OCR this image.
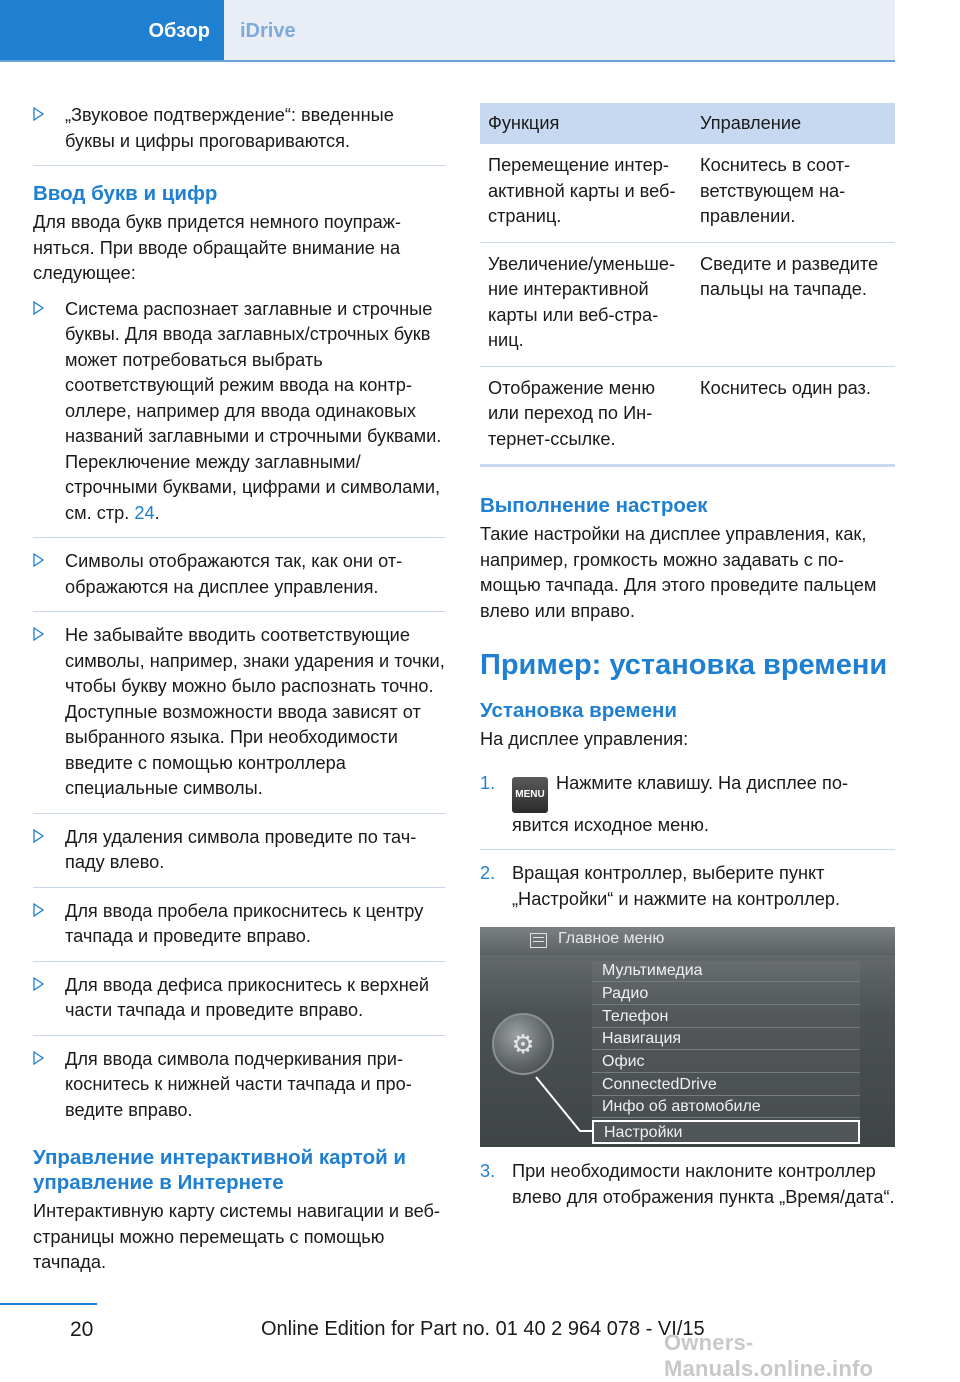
Обзор	iDrive
„Звуковое подтверждение“: введенные буквы и цифры проговариваются.
Ввод букв и цифр
Для ввода букв придется немного поупражняться. При вводе обращайте внимание на следующее:
Система распознает заглавные и строчные буквы. Для ввода заглавных/строчных букв может потребоваться выбрать соответствующий режим ввода на контроллере, например для ввода одинаковых названий заглавными и строчными буквами. Переключение между заглавными/ строчными буквами, цифрами и символами, см. стр. 24.
Символы отображаются так, как они отображаются на дисплее управления.
Не забывайте вводить соответствующие символы, например, знаки ударения и точки, чтобы букву можно было распознать точно. Доступные возможности ввода зависят от выбранного языка. При необходимости введите с помощью контроллера специальные символы.
Для удаления символа проведите по тачпаду влево.
Для ввода пробела прикоснитесь к центру тачпада и проведите вправо.
Для ввода дефиса прикоснитесь к верхней части тачпада и проведите вправо.
Для ввода символа подчеркивания прикоснитесь к нижней части тачпада и проведите вправо.
Управление интерактивной картой и управление в Интернете
Интерактивную карту системы навигации и веб-страницы можно перемещать с помощью тачпада.
Функция	Управление
Перемещение интерактивной карты и веб-страниц.	Коснитесь в соответствующем направлении.
Увеличение/уменьшение интерактивной карты или веб-страниц.	Сведите и разведите пальцы на тачпаде.
Отображение меню или переход по Интернет-ссылке.	Коснитесь один раз.
Выполнение настроек
Такие настройки на дисплее управления, как, например, громкость можно задавать с помощью тачпада. Для этого проведите пальцем влево или вправо.
Пример: установка времени
Установка времени
На дисплее управления:
1.
MENUНажмите клавишу. На дисплее появится исходное меню.
2. Вращая контроллер, выберите пункт „Настройки“ и нажмите на контроллер.
Главное меню
⚙
Мультимедиа
Радио
Телефон
Навигация
Офис
ConnectedDrive
Инфо об автомобиле
Настройки
3. При необходимости наклоните контроллер влево для отображения пункта „Время/дата“.
20	Online Edition for Part no. 01 40 2 964 078 - VI/15
Owners-Manuals.online.info
